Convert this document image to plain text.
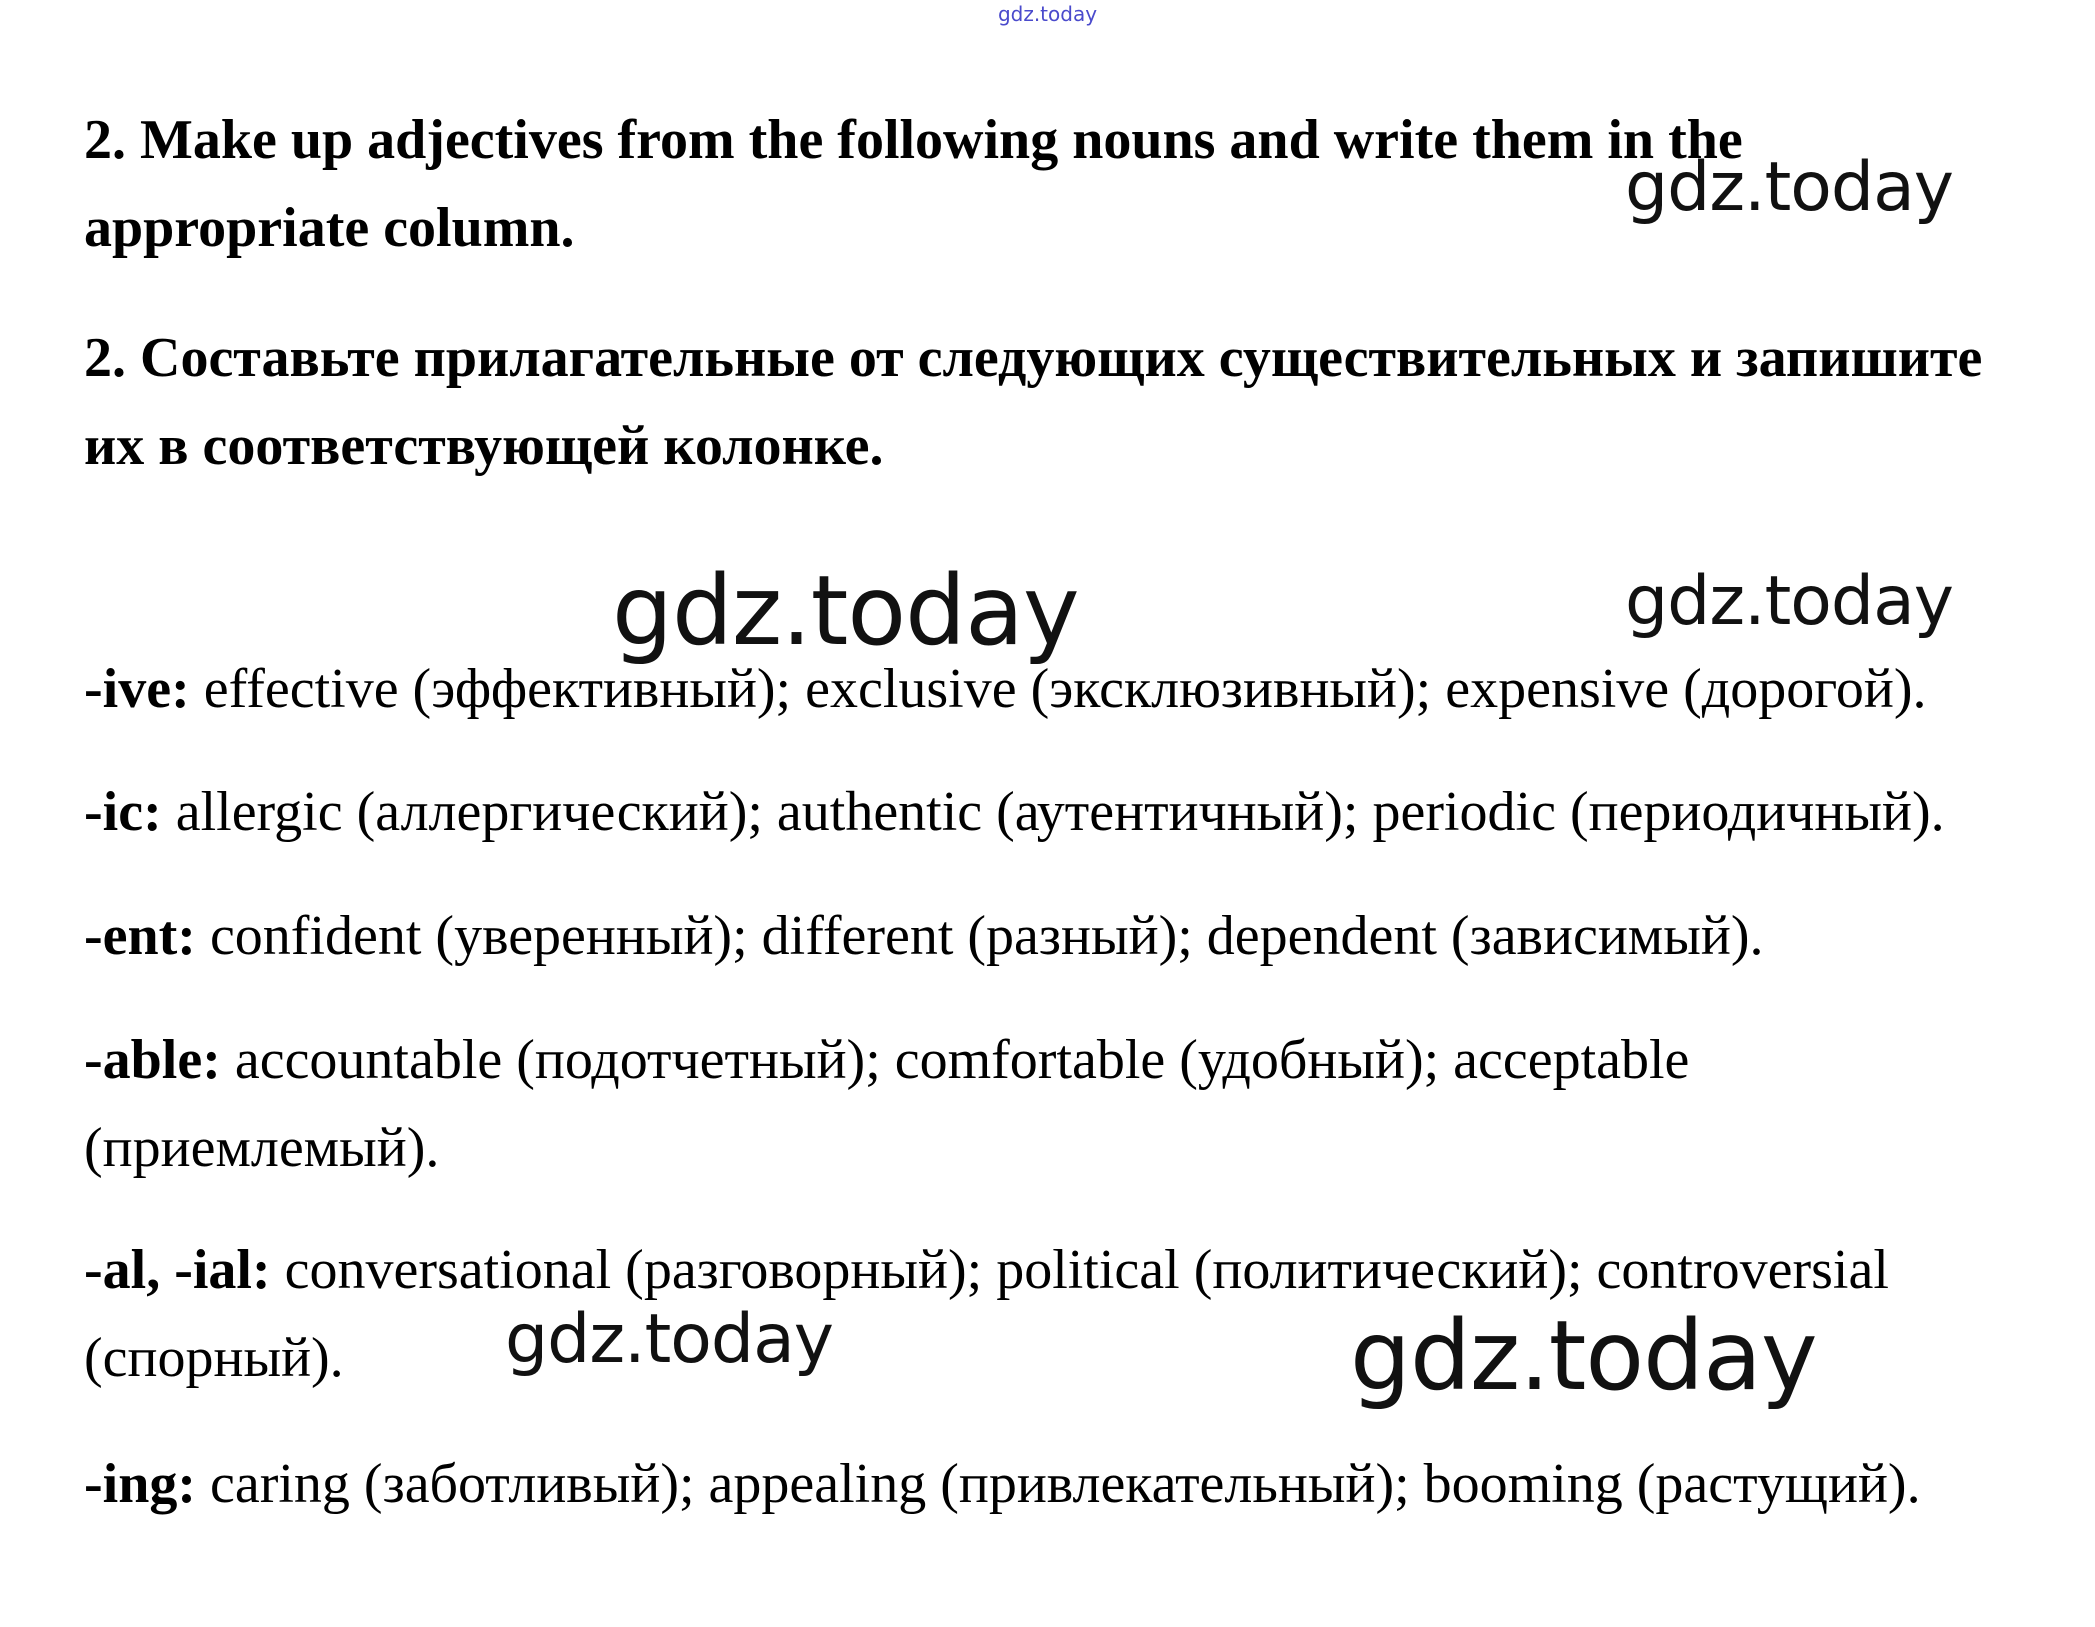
gdz.today

2. Make up adjectives from the following nouns and write them in the appropriate column.

2. Составьте прилагательные от следующих существительных и запишите их в соответствующей колонке.

-ive: effective (эффективный); exclusive (эксклюзивный); expensive (дорогой).

-ic: allergic (аллергический); authentic (аутентичный); periodic (периодичный).

-ent: confident (уверенный); different (разный); dependent (зависимый).

-able: accountable (подотчетный); comfortable (удобный); acceptable (приемлемый).

-al, -ial: conversational (разговорный); political (политический); controversial (спорный).

-ing: caring (заботливый); appealing (привлекательный); booming (растущий).

gdz.today
gdz.today	gdz.today
gdz.today	gdz.today
